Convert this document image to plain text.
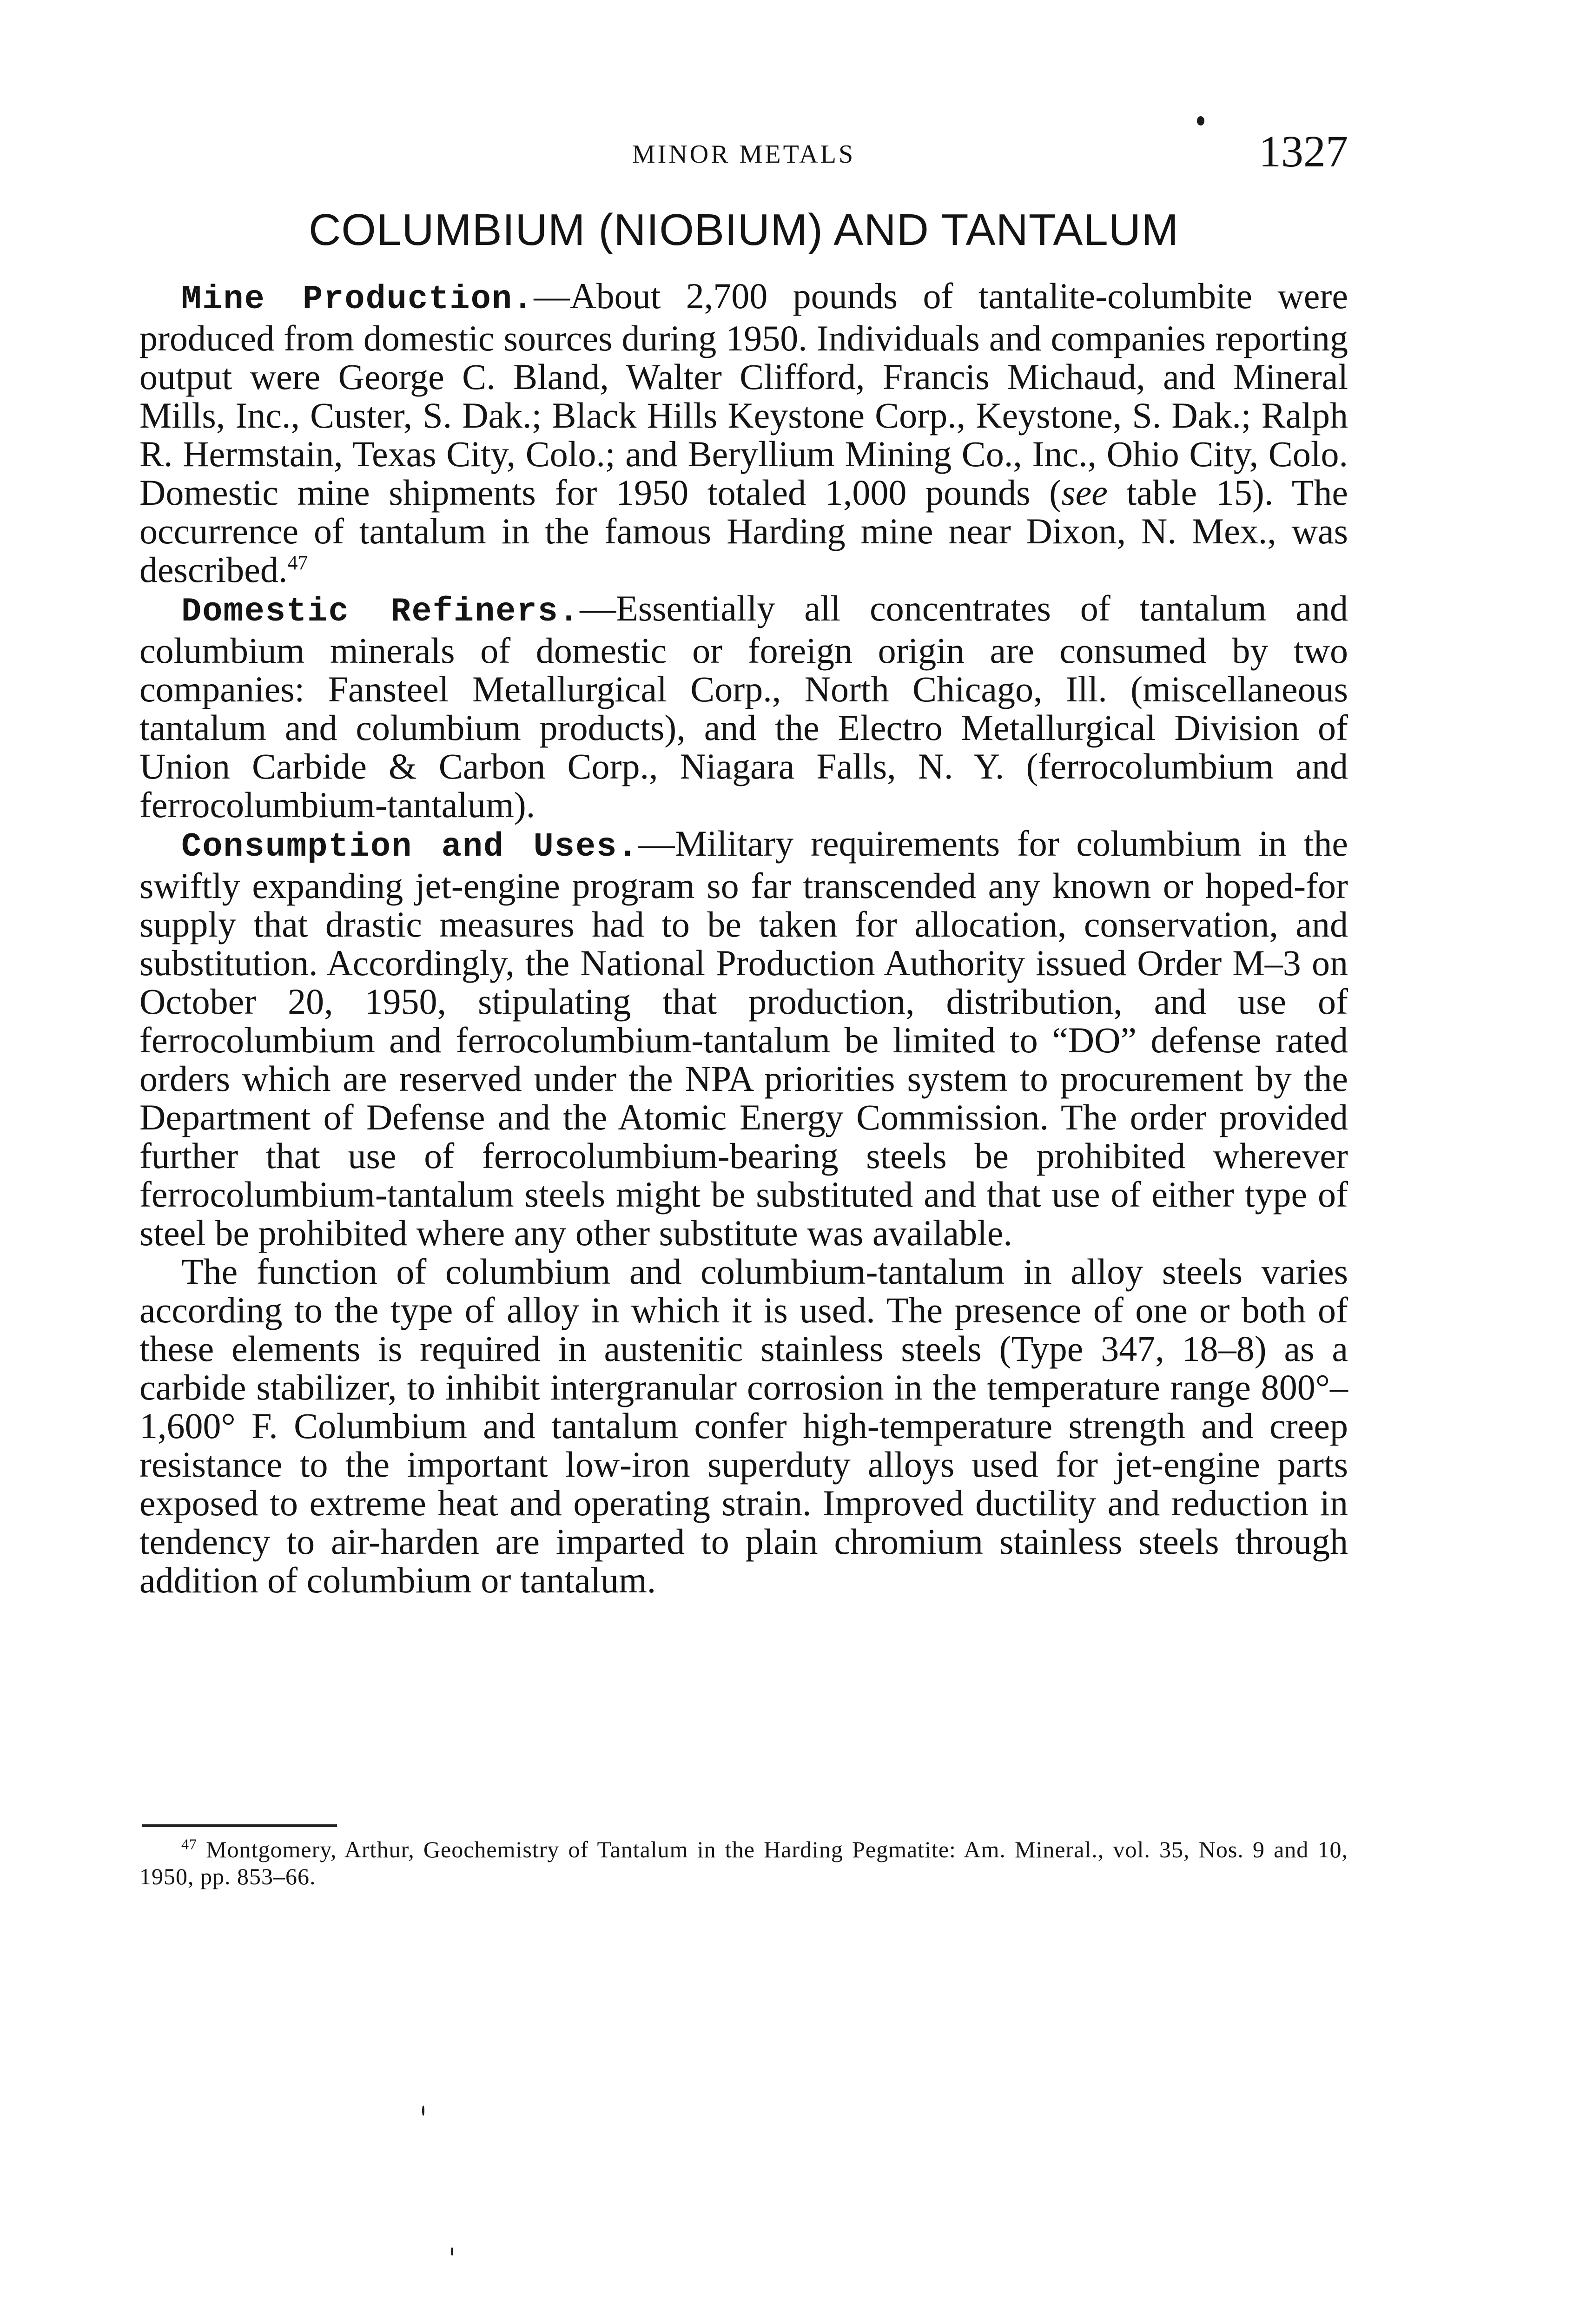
MINOR METALS	1327
COLUMBIUM (NIOBIUM) AND TANTALUM

Mine Production.—About 2,700 pounds of tantalite-columbite were produced from domestic sources during 1950. Individuals and companies reporting output were George C. Bland, Walter Clifford, Francis Michaud, and Mineral Mills, Inc., Custer, S. Dak.; Black Hills Keystone Corp., Keystone, S. Dak.; Ralph R. Hermstain, Texas City, Colo.; and Beryllium Mining Co., Inc., Ohio City, Colo. Domestic mine shipments for 1950 totaled 1,000 pounds (see table 15). The occurrence of tantalum in the famous Harding mine near Dixon, N. Mex., was described.$^{47}$

Domestic Refiners.—Essentially all concentrates of tantalum and columbium minerals of domestic or foreign origin are consumed by two companies: Fansteel Metallurgical Corp., North Chicago, Ill. (miscellaneous tantalum and columbium products), and the Electro Metallurgical Division of Union Carbide & Carbon Corp., Niagara Falls, N. Y. (ferrocolumbium and ferrocolumbium-tantalum).

Consumption and Uses.—Military requirements for columbium in the swiftly expanding jet-engine program so far transcended any known or hoped-for supply that drastic measures had to be taken for allocation, conservation, and substitution. Accordingly, the National Production Authority issued Order M–3 on October 20, 1950, stipulating that production, distribution, and use of ferrocolumbium and ferrocolumbium-tantalum be limited to “DO” defense rated orders which are reserved under the NPA priorities system to procurement by the Department of Defense and the Atomic Energy Commission. The order provided further that use of ferrocolumbium-bearing steels be prohibited wherever ferrocolumbium-tantalum steels might be substituted and that use of either type of steel be prohibited where any other substitute was available.

The function of columbium and columbium-tantalum in alloy steels varies according to the type of alloy in which it is used. The presence of one or both of these elements is required in austenitic stainless steels (Type 347, 18–8) as a carbide stabilizer, to inhibit intergranular corrosion in the temperature range 800°–1,600° F. Columbium and tantalum confer high-temperature strength and creep resistance to the important low-iron superduty alloys used for jet-engine parts exposed to extreme heat and operating strain. Improved ductility and reduction in tendency to air-harden are imparted to plain chromium stainless steels through addition of columbium or tantalum.

$^{47}$ Montgomery, Arthur, Geochemistry of Tantalum in the Harding Pegmatite: Am. Mineral., vol. 35, Nos. 9 and 10, 1950, pp. 853–66.
